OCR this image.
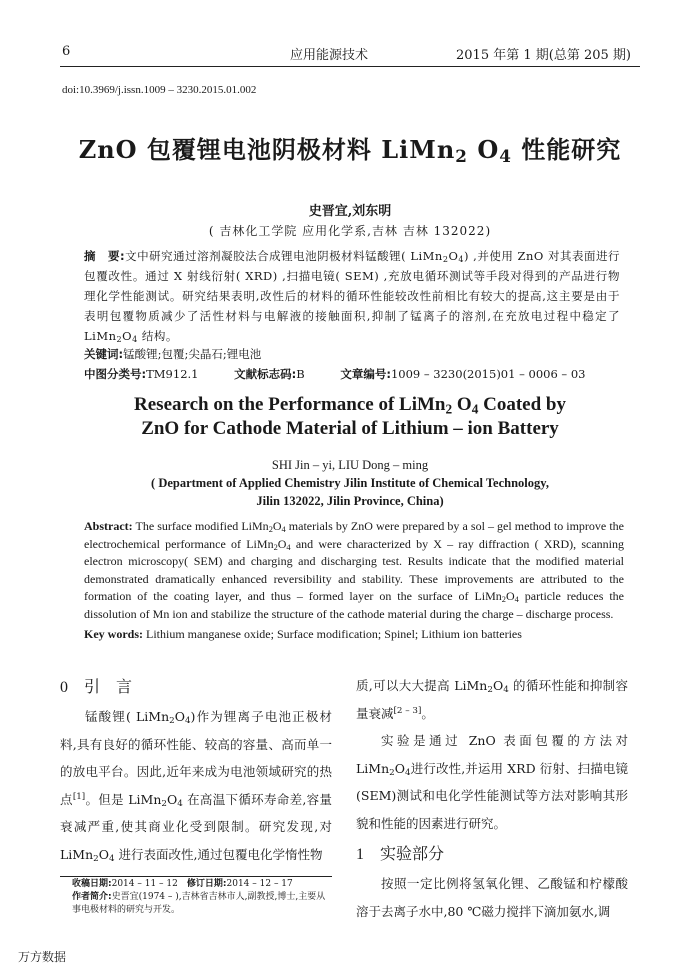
6	应用能源技术	2015 年第 1 期(总第 205 期)
doi:10.3969/j.issn.1009 – 3230.2015.01.002
ZnO 包覆锂电池阴极材料 LiMn$_2$ $O_4$ 性能研究
史晋宜,刘东明
( 吉林化工学院 应用化学系,吉林 吉林 132022)
摘　要:文中研究通过溶剂凝胶法合成锂电池阴极材料锰酸锂( $LiMn_2O_4$) ,并使用 ZnO 对其表面进行包覆改性。通过 X 射线衍射( XRD) ,扫描电镜( SEM) ,充放电循环测试等手段对得到的产品进行物理化学性能测试。研究结果表明,改性后的材料的循环性能较改性前相比有较大的提高,这主要是由于表明包覆物质减少了活性材料与电解液的接触面积,抑制了锰离子的溶剂,在充放电过程中稳定了 $LiMn_2O_4$ 结构。
关键词:锰酸锂;包覆;尖晶石;锂电池
中图分类号:TM912.1	文献标志码:B	文章编号:1009 – 3230(2015)01 – 0006 – 03
Research on the Performance of LiMn$_2$ $O_4$ Coated by
ZnO for Cathode Material of Lithium – ion Battery
SHI Jin – yi, LIU Dong – ming
( Department of Applied Chemistry Jilin Institute of Chemical Technology,
Jilin 132022, Jilin Province, China)
Abstract: The surface modified $LiMn_2O_4$ materials by ZnO were prepared by a sol – gel method to improve the electrochemical performance of $LiMn_2O_4$ and were characterized by X – ray diffraction ( XRD), scanning electron microscopy( SEM) and charging and discharging test. Results indicate that the modified material demonstrated dramatically enhanced reversibility and stability. These improvements are attributed to the formation of the coating layer, and thus – formed layer on the surface of $LiMn_2O_4$ particle reduces the dissolution of Mn ion and stabilize the structure of the cathode material during the charge – discharge process.
Key words: Lithium manganese oxide; Surface modification; Spinel; Lithium ion batteries

0 引　言

锰酸锂( $LiMn_2O_4$)作为锂离子电池正极材料,具有良好的循环性能、较高的容量、高而单一的放电平台。因此,近年来成为电池领域研究的热点[1]。但是 $LiMn_2O_4$ 在高温下循环寿命差,容量衰减严重,使其商业化受到限制。研究发现,对 $LiMn_2O_4$ 进行表面改性,通过包覆电化学惰性物

质,可以大大提高 $LiMn_2O_4$ 的循环性能和抑制容量衰减[2 – 3]。

实验是通过 ZnO 表面包覆的方法对 $LiMn_2O_4$进行改性,并运用 XRD 衍射、扫描电镜(SEM)测试和电化学性能测试等方法对影响其形貌和性能的因素进行研究。

1 实验部分

按照一定比例将氢氧化锂、乙酸锰和柠檬酸溶于去离子水中,80 ℃磁力搅拌下滴加氨水,调

收稿日期:2014 – 11 – 12　 修订日期:2014 – 12 – 17
作者简介:史晋宜(1974 – ),吉林省吉林市人,副教授,博士,主要从事电极材料的研究与开发。
万方数据
